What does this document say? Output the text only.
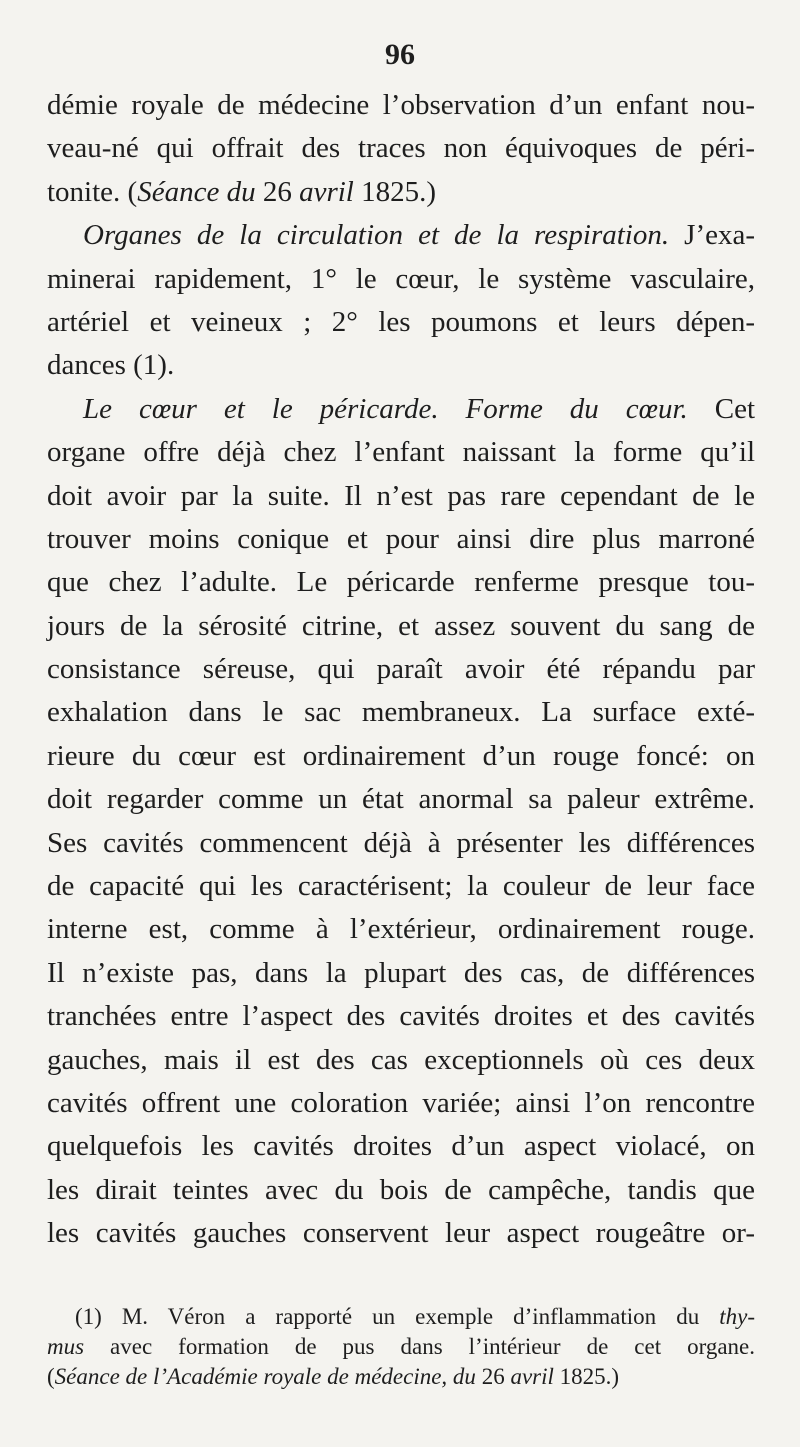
96
démie royale de médecine l’observation d’un enfant nou-
veau-né qui offrait des traces non équivoques de péri-
tonite. (Séance du 26 avril 1825.)
Organes de la circulation et de la respiration. J’exa-
minerai rapidement, 1° le cœur, le système vasculaire,
artériel et veineux ; 2° les poumons et leurs dépen-
dances (1).
Le cœur et le péricarde. Forme du cœur. Cet
organe offre déjà chez l’enfant naissant la forme qu’il
doit avoir par la suite. Il n’est pas rare cependant de le
trouver moins conique et pour ainsi dire plus marroné
que chez l’adulte. Le péricarde renferme presque tou-
jours de la sérosité citrine, et assez souvent du sang de
consistance séreuse, qui paraît avoir été répandu par
exhalation dans le sac membraneux. La surface exté-
rieure du cœur est ordinairement d’un rouge foncé: on
doit regarder comme un état anormal sa paleur extrême.
Ses cavités commencent déjà à présenter les différences
de capacité qui les caractérisent; la couleur de leur face
interne est, comme à l’extérieur, ordinairement rouge.
Il n’existe pas, dans la plupart des cas, de différences
tranchées entre l’aspect des cavités droites et des cavités
gauches, mais il est des cas exceptionnels où ces deux
cavités offrent une coloration variée; ainsi l’on rencontre
quelquefois les cavités droites d’un aspect violacé, on
les dirait teintes avec du bois de campêche, tandis que
les cavités gauches conservent leur aspect rougeâtre or-
(1) M. Véron a rapporté un exemple d’inflammation du thy-
mus avec formation de pus dans l’intérieur de cet organe.
(Séance de l’Académie royale de médecine, du 26 avril 1825.)
